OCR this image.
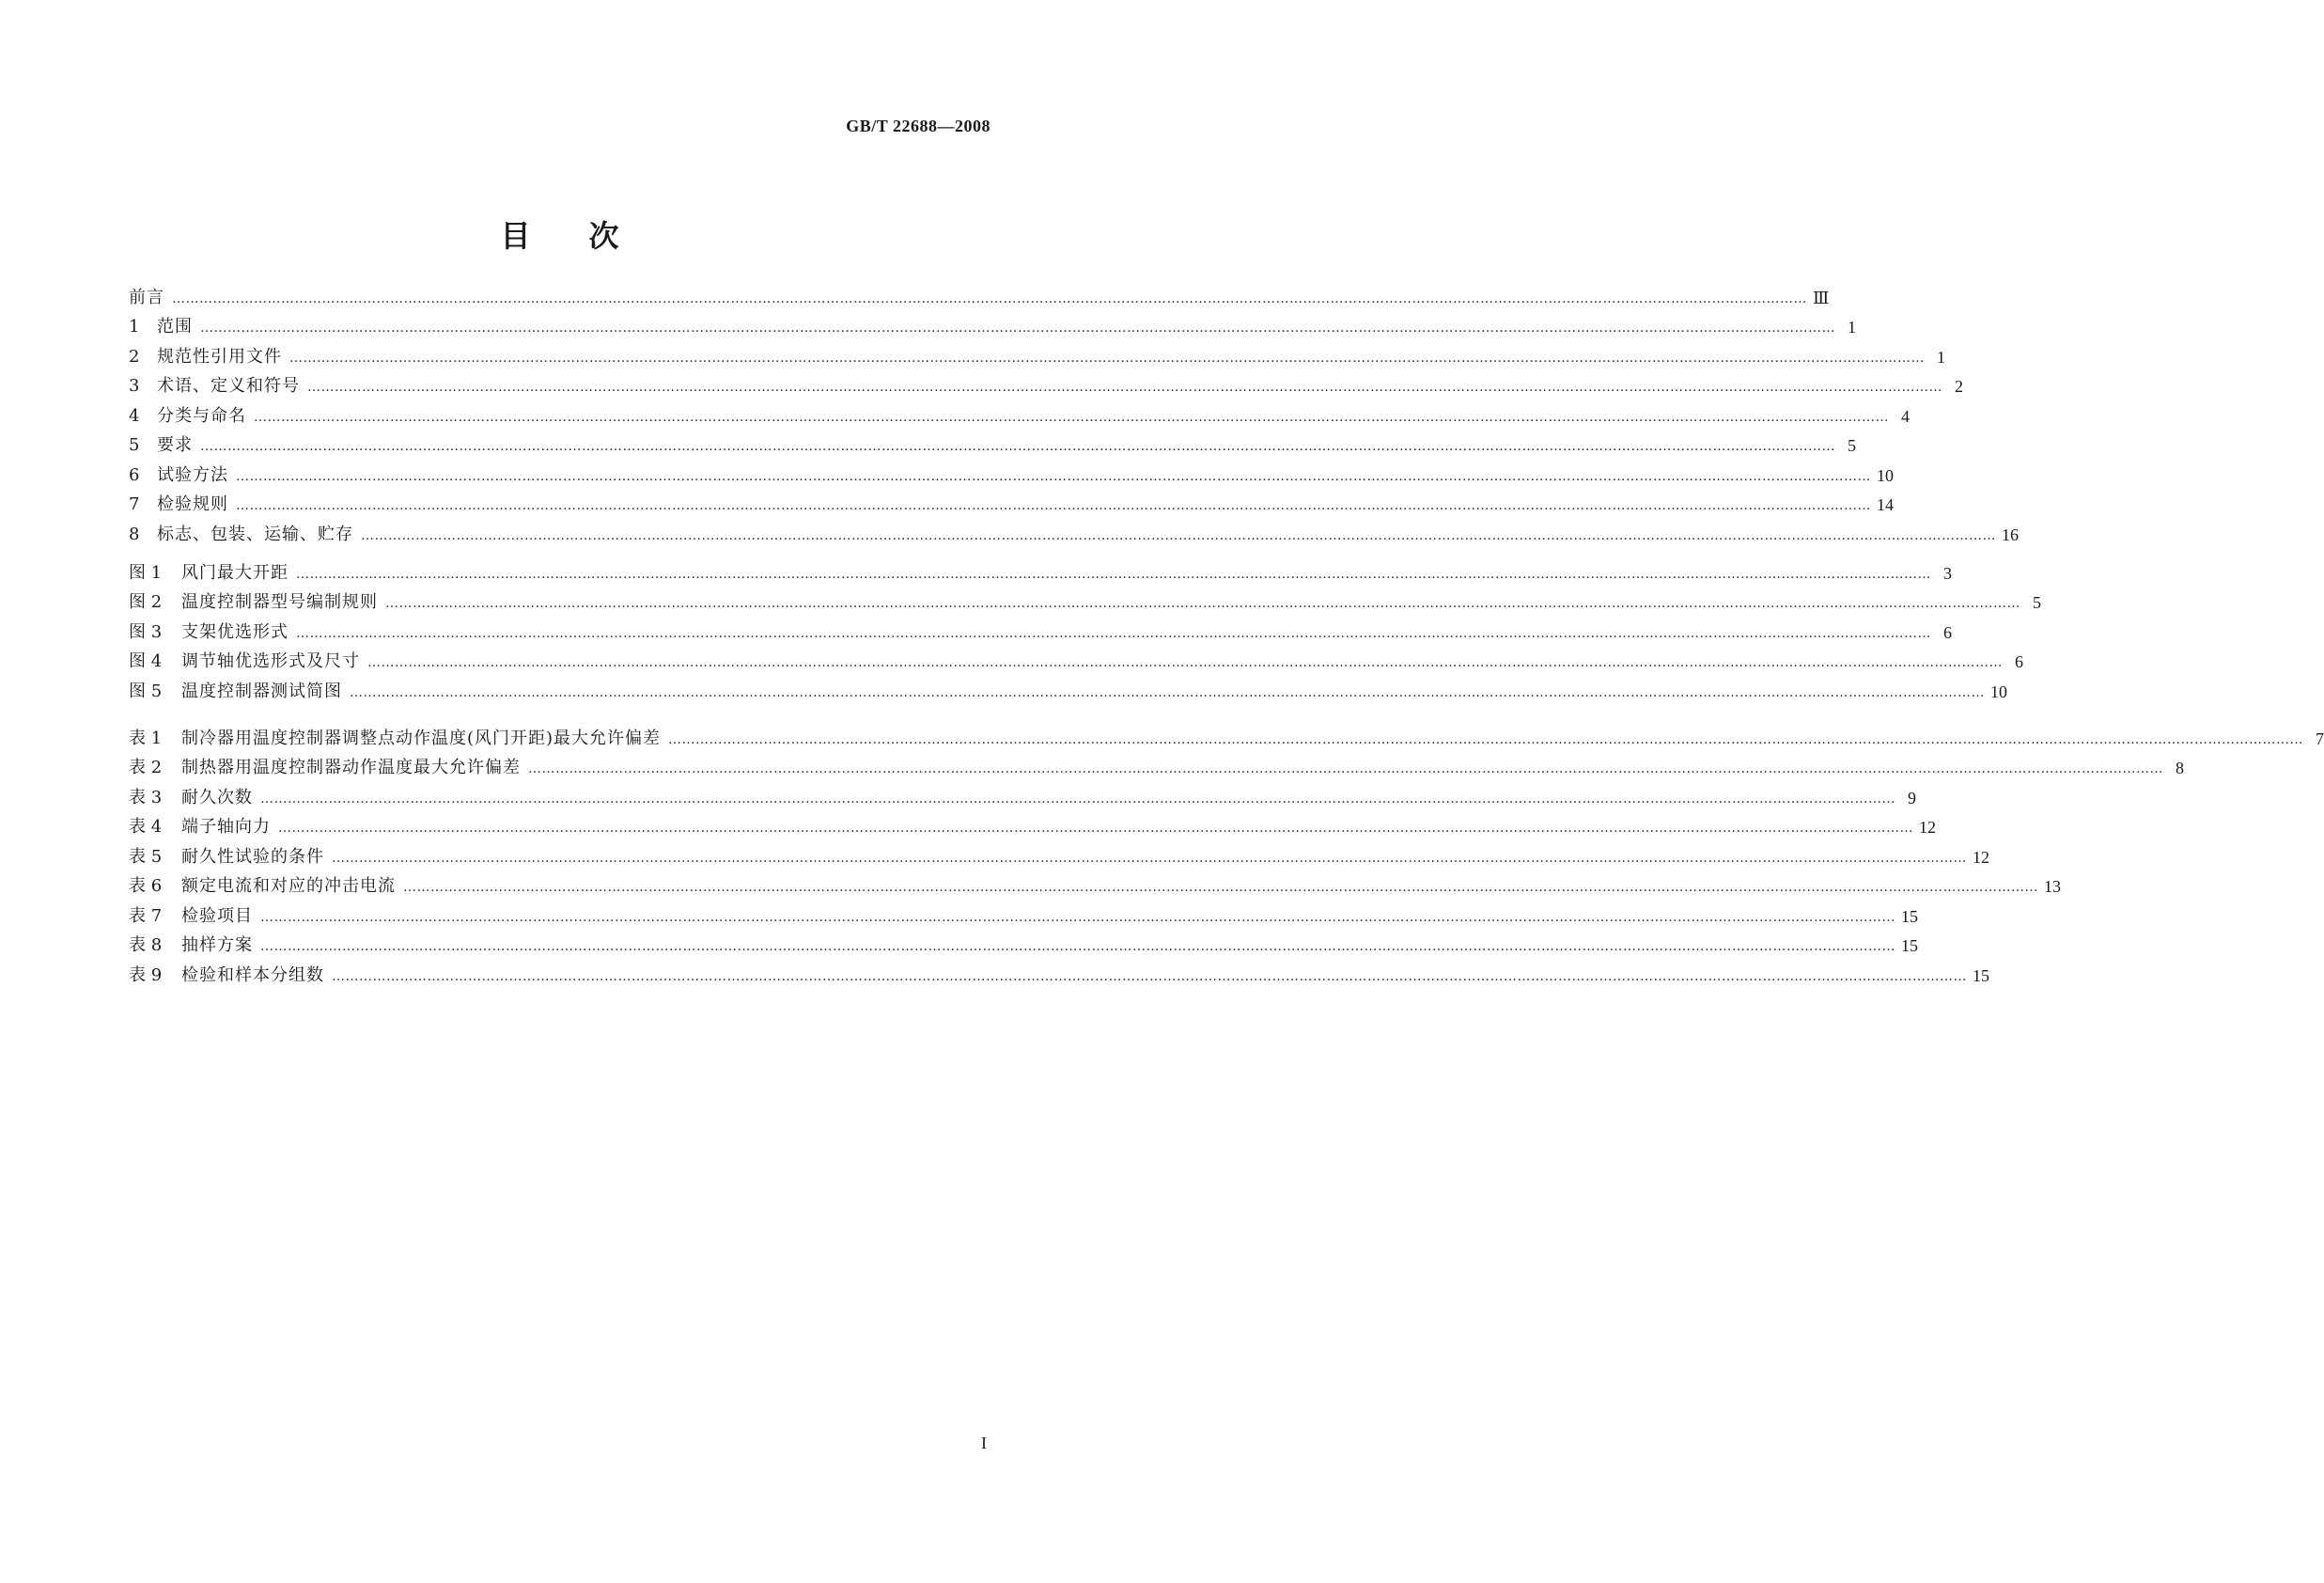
GB/T 22688—2008
目 次
前言 ……………………………………………………………………………………………………………………………………………………………………………………………………………………………………………………………………………………………………………………………… Ⅲ
1	范围 ……………………………………………………………………………………………………………………………………………………………………………………………………………………………………………………………………………………………………………………………… 1
2	规范性引用文件 ……………………………………………………………………………………………………………………………………………………………………………………………………………………………………………………………………………………………………………………………… 1
3	术语、定义和符号 ……………………………………………………………………………………………………………………………………………………………………………………………………………………………………………………………………………………………………………………………… 2
4	分类与命名 ……………………………………………………………………………………………………………………………………………………………………………………………………………………………………………………………………………………………………………………………… 4
5	要求 ……………………………………………………………………………………………………………………………………………………………………………………………………………………………………………………………………………………………………………………………… 5
6	试验方法 ……………………………………………………………………………………………………………………………………………………………………………………………………………………………………………………………………………………………………………………………… 10
7	检验规则 ……………………………………………………………………………………………………………………………………………………………………………………………………………………………………………………………………………………………………………………………… 14
8	标志、包装、运输、贮存 ……………………………………………………………………………………………………………………………………………………………………………………………………………………………………………………………………………………………………………………………… 16
图 1	风门最大开距 ……………………………………………………………………………………………………………………………………………………………………………………………………………………………………………………………………………………………………………………………… 3
图 2	温度控制器型号编制规则 ……………………………………………………………………………………………………………………………………………………………………………………………………………………………………………………………………………………………………………………………… 5
图 3	支架优选形式 ……………………………………………………………………………………………………………………………………………………………………………………………………………………………………………………………………………………………………………………………… 6
图 4	调节轴优选形式及尺寸 ……………………………………………………………………………………………………………………………………………………………………………………………………………………………………………………………………………………………………………………………… 6
图 5	温度控制器测试简图 ……………………………………………………………………………………………………………………………………………………………………………………………………………………………………………………………………………………………………………………………… 10
表 1	制冷器用温度控制器调整点动作温度(风门开距)最大允许偏差 ……………………………………………………………………………………………………………………………………………………………………………………………………………………………………………………………………………………………………………………………… 7
表 2	制热器用温度控制器动作温度最大允许偏差 ……………………………………………………………………………………………………………………………………………………………………………………………………………………………………………………………………………………………………………………………… 8
表 3	耐久次数 ……………………………………………………………………………………………………………………………………………………………………………………………………………………………………………………………………………………………………………………………… 9
表 4	端子轴向力 ……………………………………………………………………………………………………………………………………………………………………………………………………………………………………………………………………………………………………………………………… 12
表 5	耐久性试验的条件 ……………………………………………………………………………………………………………………………………………………………………………………………………………………………………………………………………………………………………………………………… 12
表 6	额定电流和对应的冲击电流 ……………………………………………………………………………………………………………………………………………………………………………………………………………………………………………………………………………………………………………………………… 13
表 7	检验项目 ……………………………………………………………………………………………………………………………………………………………………………………………………………………………………………………………………………………………………………………………… 15
表 8	抽样方案 ……………………………………………………………………………………………………………………………………………………………………………………………………………………………………………………………………………………………………………………………… 15
表 9	检验和样本分组数 ……………………………………………………………………………………………………………………………………………………………………………………………………………………………………………………………………………………………………………………………… 15
I
